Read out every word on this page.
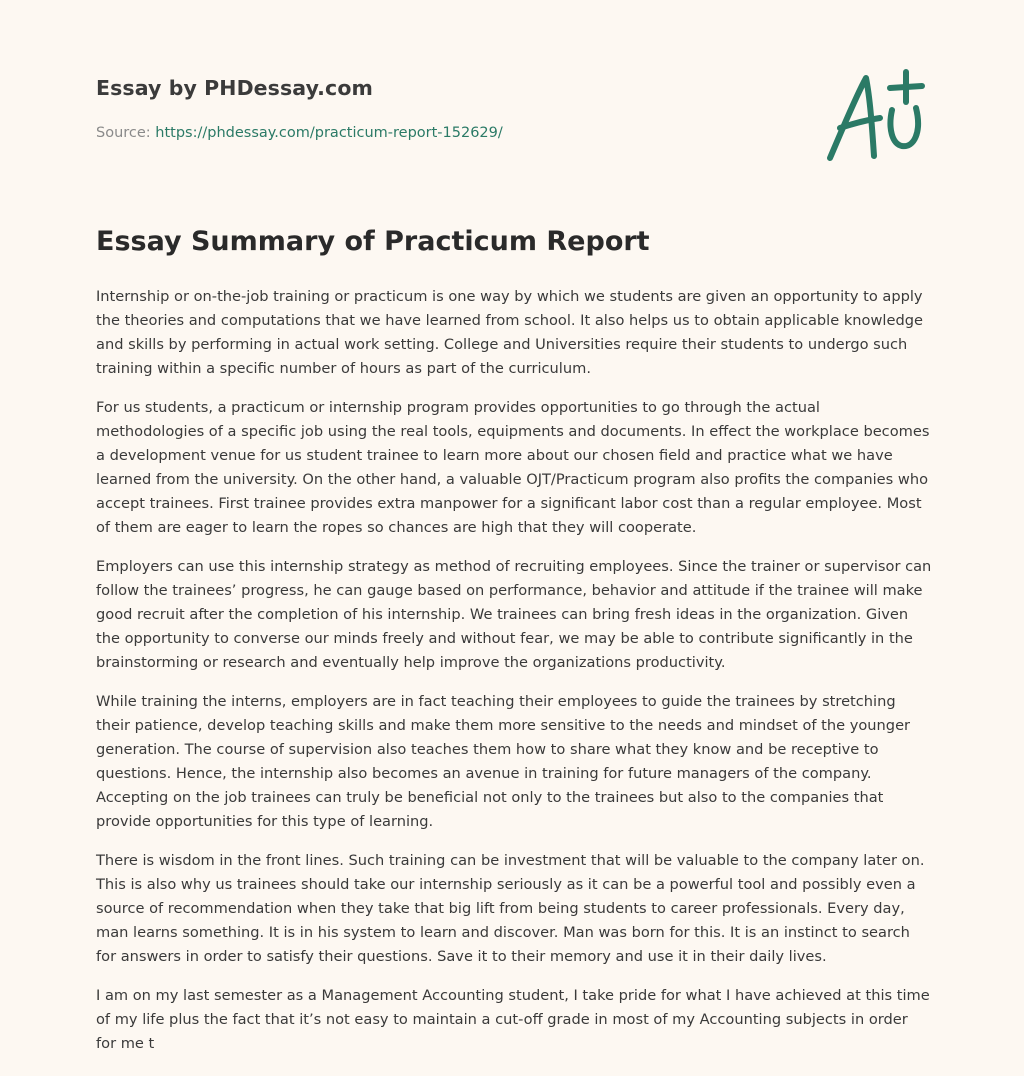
Essay by PHDessay.com
Source: https://phdessay.com/practicum-report-152629/
Essay Summary of Practicum Report

Internship or on-the-job training or practicum is one way by which we students are given an opportunity to apply the theories and computations that we have learned from school. It also helps us to obtain applicable knowledge and skills by performing in actual work setting. College and Universities require their students to undergo such training within a specific number of hours as part of the curriculum.

For us students, a practicum or internship program provides opportunities to go through the actual methodologies of a specific job using the real tools, equipments and documents. In effect the workplace becomes a development venue for us student trainee to learn more about our chosen field and practice what we have learned from the university. On the other hand, a valuable OJT/Practicum program also profits the companies who accept trainees. First trainee provides extra manpower for a significant labor cost than a regular employee. Most of them are eager to learn the ropes so chances are high that they will cooperate.

Employers can use this internship strategy as method of recruiting employees. Since the trainer or supervisor can follow the trainees’ progress, he can gauge based on performance, behavior and attitude if the trainee will make good recruit after the completion of his internship. We trainees can bring fresh ideas in the organization. Given the opportunity to converse our minds freely and without fear, we may be able to contribute significantly in the brainstorming or research and eventually help improve the organizations productivity.

While training the interns, employers are in fact teaching their employees to guide the trainees by stretching their patience, develop teaching skills and make them more sensitive to the needs and mindset of the younger generation. The course of supervision also teaches them how to share what they know and be receptive to questions. Hence, the internship also becomes an avenue in training for future managers of the company. Accepting on the job trainees can truly be beneficial not only to the trainees but also to the companies that provide opportunities for this type of learning.

There is wisdom in the front lines. Such training can be investment that will be valuable to the company later on. This is also why us trainees should take our internship seriously as it can be a powerful tool and possibly even a source of recommendation when they take that big lift from being students to career professionals. Every day, man learns something. It is in his system to learn and discover. Man was born for this. It is an instinct to search for answers in order to satisfy their questions. Save it to their memory and use it in their daily lives.

I am on my last semester as a Management Accounting student, I take pride for what I have achieved at this time of my life plus the fact that it’s not easy to maintain a cut-off grade in most of my Accounting subjects in order for me t
